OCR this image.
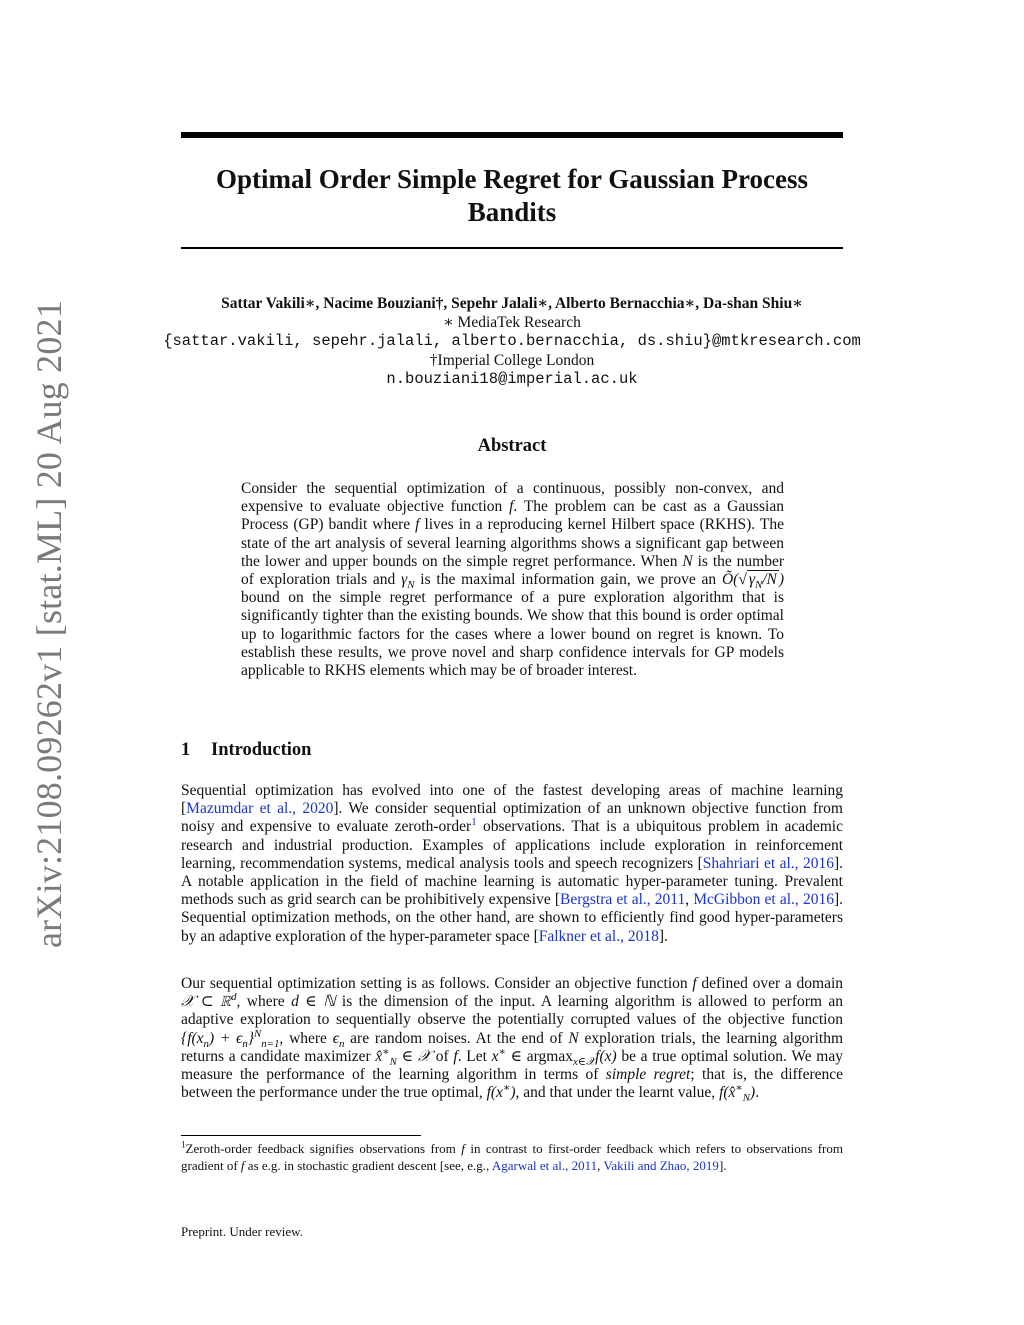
Optimal Order Simple Regret for Gaussian Process Bandits
arXiv:2108.09262v1 [stat.ML] 20 Aug 2021	Sattar Vakili∗, Nacime Bouziani†, Sepehr Jalali∗, Alberto Bernacchia∗, Da-shan Shiu∗
∗ MediaTek Research
{sattar.vakili, sepehr.jalali, alberto.bernacchia, ds.shiu}@mtkresearch.com
†Imperial College London
n.bouziani18@imperial.ac.uk
Abstract
Consider the sequential optimization of a continuous, possibly non-convex, and expensive to evaluate objective function f. The problem can be cast as a Gaussian Process (GP) bandit where f lives in a reproducing kernel Hilbert space (RKHS). The state of the art analysis of several learning algorithms shows a significant gap between the lower and upper bounds on the simple regret performance. When N is the number of exploration trials and $\gamma_N$ is the maximal information gain, we prove an Õ(√ $\gamma_N/N$ ) bound on the simple regret performance of a pure exploration algorithm that is significantly tighter than the existing bounds. We show that this bound is order optimal up to logarithmic factors for the cases where a lower bound on regret is known. To establish these results, we prove novel and sharp confidence intervals for GP models applicable to RKHS elements which may be of broader interest.
1 Introduction
Sequential optimization has evolved into one of the fastest developing areas of machine learning [Mazumdar et al., 2020]. We consider sequential optimization of an unknown objective function from noisy and expensive to evaluate zeroth-order$^1$ observations. That is a ubiquitous problem in academic research and industrial production. Examples of applications include exploration in reinforcement learning, recommendation systems, medical analysis tools and speech recognizers [Shahriari et al., 2016]. A notable application in the field of machine learning is automatic hyper-parameter tuning. Prevalent methods such as grid search can be prohibitively expensive [Bergstra et al., 2011, McGibbon et al., 2016]. Sequential optimization methods, on the other hand, are shown to efficiently find good hyper-parameters by an adaptive exploration of the hyper-parameter space [Falkner et al., 2018].
Our sequential optimization setting is as follows. Consider an objective function f defined over a domain 𝒳 ⊂ ℝ$^d$, where d ∈ ℕ is the dimension of the input. A learning algorithm is allowed to perform an adaptive exploration to sequentially observe the potentially corrupted values of the objective function $\{f(x_n) + \epsilon_n\}^N_{n=1}$, where $\epsilon_n$ are random noises. At the end of N exploration trials, the learning algorithm returns a candidate maximizer $x̂^∗_N$ ∈ 𝒳 of f. Let x∗ ∈ argmax$_{x\in 𝒳}$f(x) be a true optimal solution. We may measure the performance of the learning algorithm in terms of simple regret; that is, the difference between the performance under the true optimal, f(x∗), and that under the learnt value, $f(x̂^∗_N)$.
$^1$Zeroth-order feedback signifies observations from f in contrast to first-order feedback which refers to observations from gradient of f as e.g. in stochastic gradient descent [see, e.g., Agarwal et al., 2011, Vakili and Zhao, 2019].
Preprint. Under review.
